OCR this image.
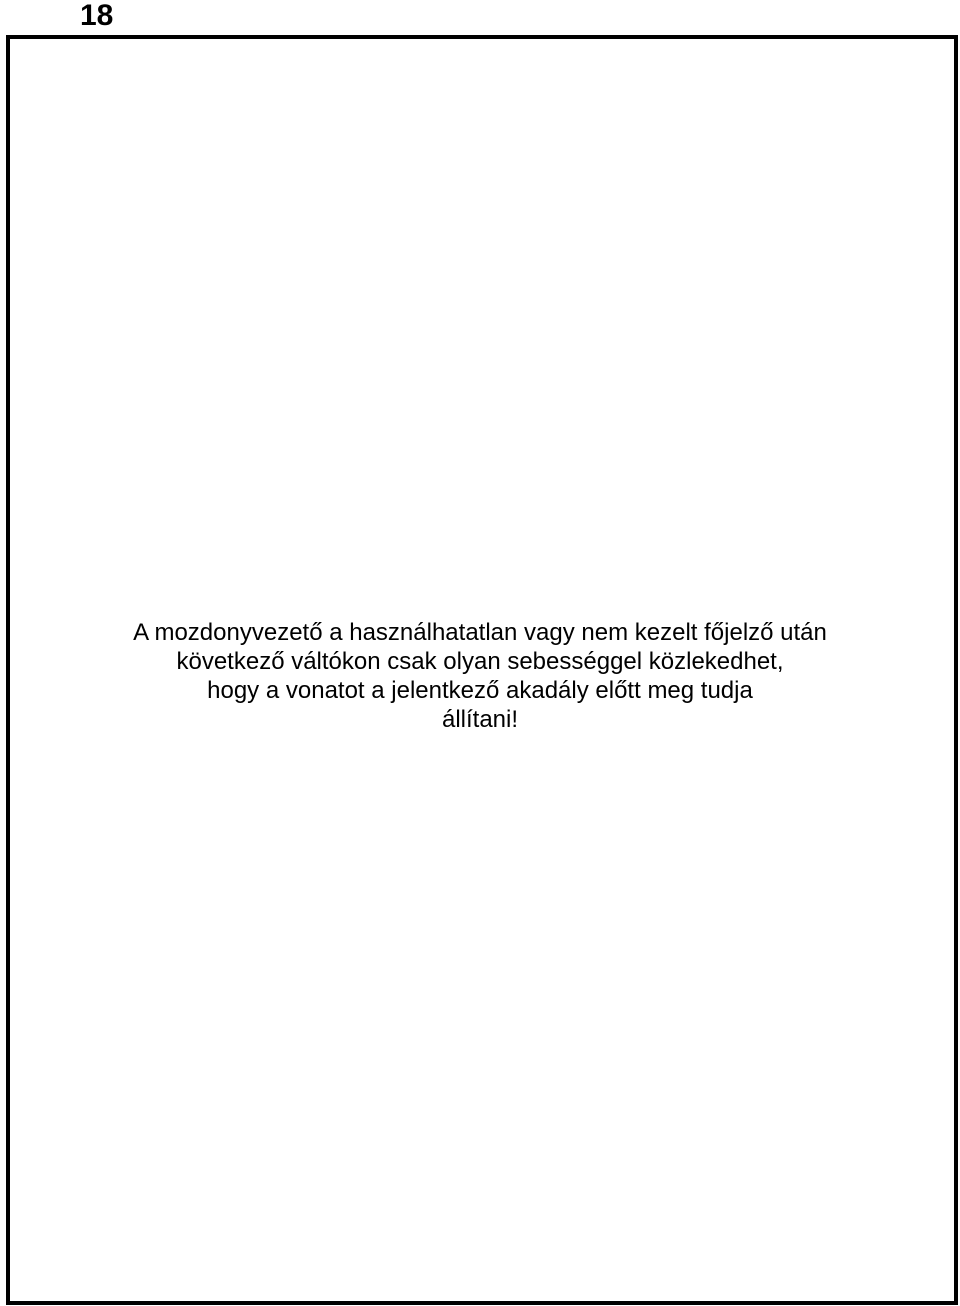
18
A mozdonyvezető a használhatatlan vagy nem kezelt főjelző után
következő váltókon csak olyan sebességgel közlekedhet,
hogy a vonatot a jelentkező akadály előtt meg tudja
állítani!
